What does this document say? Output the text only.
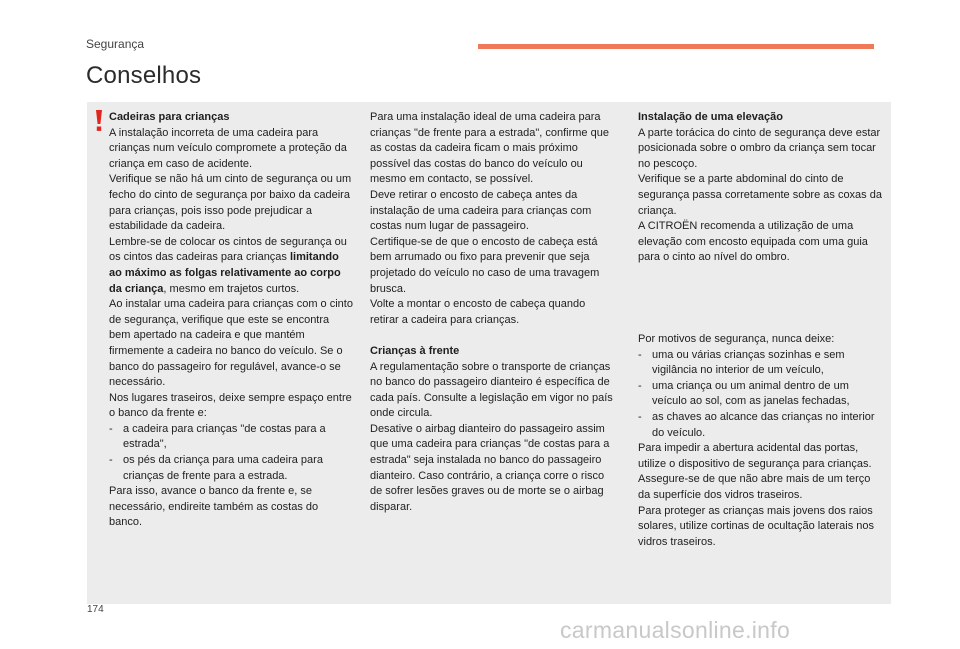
Segurança
Conselhos

Cadeiras para crianças

A instalação incorreta de uma cadeira para crianças num veículo compromete a proteção da criança em caso de acidente.

Verifique se não há um cinto de segurança ou um fecho do cinto de segurança por baixo da cadeira para crianças, pois isso pode prejudicar a estabilidade da cadeira.

Lembre-se de colocar os cintos de segurança ou os cintos das cadeiras para crianças limitando ao máximo as folgas relativamente ao corpo da criança, mesmo em trajetos curtos.

Ao instalar uma cadeira para crianças com o cinto de segurança, verifique que este se encontra bem apertado na cadeira e que mantém firmemente a cadeira no banco do veículo. Se o banco do passageiro for regulável, avance-o se necessário.

Nos lugares traseiros, deixe sempre espaço entre o banco da frente e:

- a cadeira para crianças "de costas para a estrada",
- os pés da criança para uma cadeira para crianças de frente para a estrada.

Para isso, avance o banco da frente e, se necessário, endireite também as costas do banco.

Para uma instalação ideal de uma cadeira para crianças "de frente para a estrada", confirme que as costas da cadeira ficam o mais próximo possível das costas do banco do veículo ou mesmo em contacto, se possível.

Deve retirar o encosto de cabeça antes da instalação de uma cadeira para crianças com costas num lugar de passageiro.

Certifique-se de que o encosto de cabeça está bem arrumado ou fixo para prevenir que seja projetado do veículo no caso de uma travagem brusca.

Volte a montar o encosto de cabeça quando retirar a cadeira para crianças.

Crianças à frente

A regulamentação sobre o transporte de crianças no banco do passageiro dianteiro é específica de cada país. Consulte a legislação em vigor no país onde circula.

Desative o airbag dianteiro do passageiro assim que uma cadeira para crianças "de costas para a estrada" seja instalada no banco do passageiro dianteiro. Caso contrário, a criança corre o risco de sofrer lesões graves ou de morte se o airbag disparar.

Instalação de uma elevação

A parte torácica do cinto de segurança deve estar posicionada sobre o ombro da criança sem tocar no pescoço.

Verifique se a parte abdominal do cinto de segurança passa corretamente sobre as coxas da criança.

A CITROËN recomenda a utilização de uma elevação com encosto equipada com uma guia para o cinto ao nível do ombro.

Por motivos de segurança, nunca deixe:

- uma ou várias crianças sozinhas e sem vigilância no interior de um veículo,
- uma criança ou um animal dentro de um veículo ao sol, com as janelas fechadas,
- as chaves ao alcance das crianças no interior do veículo.

Para impedir a abertura acidental das portas, utilize o dispositivo de segurança para crianças.

Assegure-se de que não abre mais de um terço da superfície dos vidros traseiros.

Para proteger as crianças mais jovens dos raios solares, utilize cortinas de ocultação laterais nos vidros traseiros.

174
carmanualsonline.info
